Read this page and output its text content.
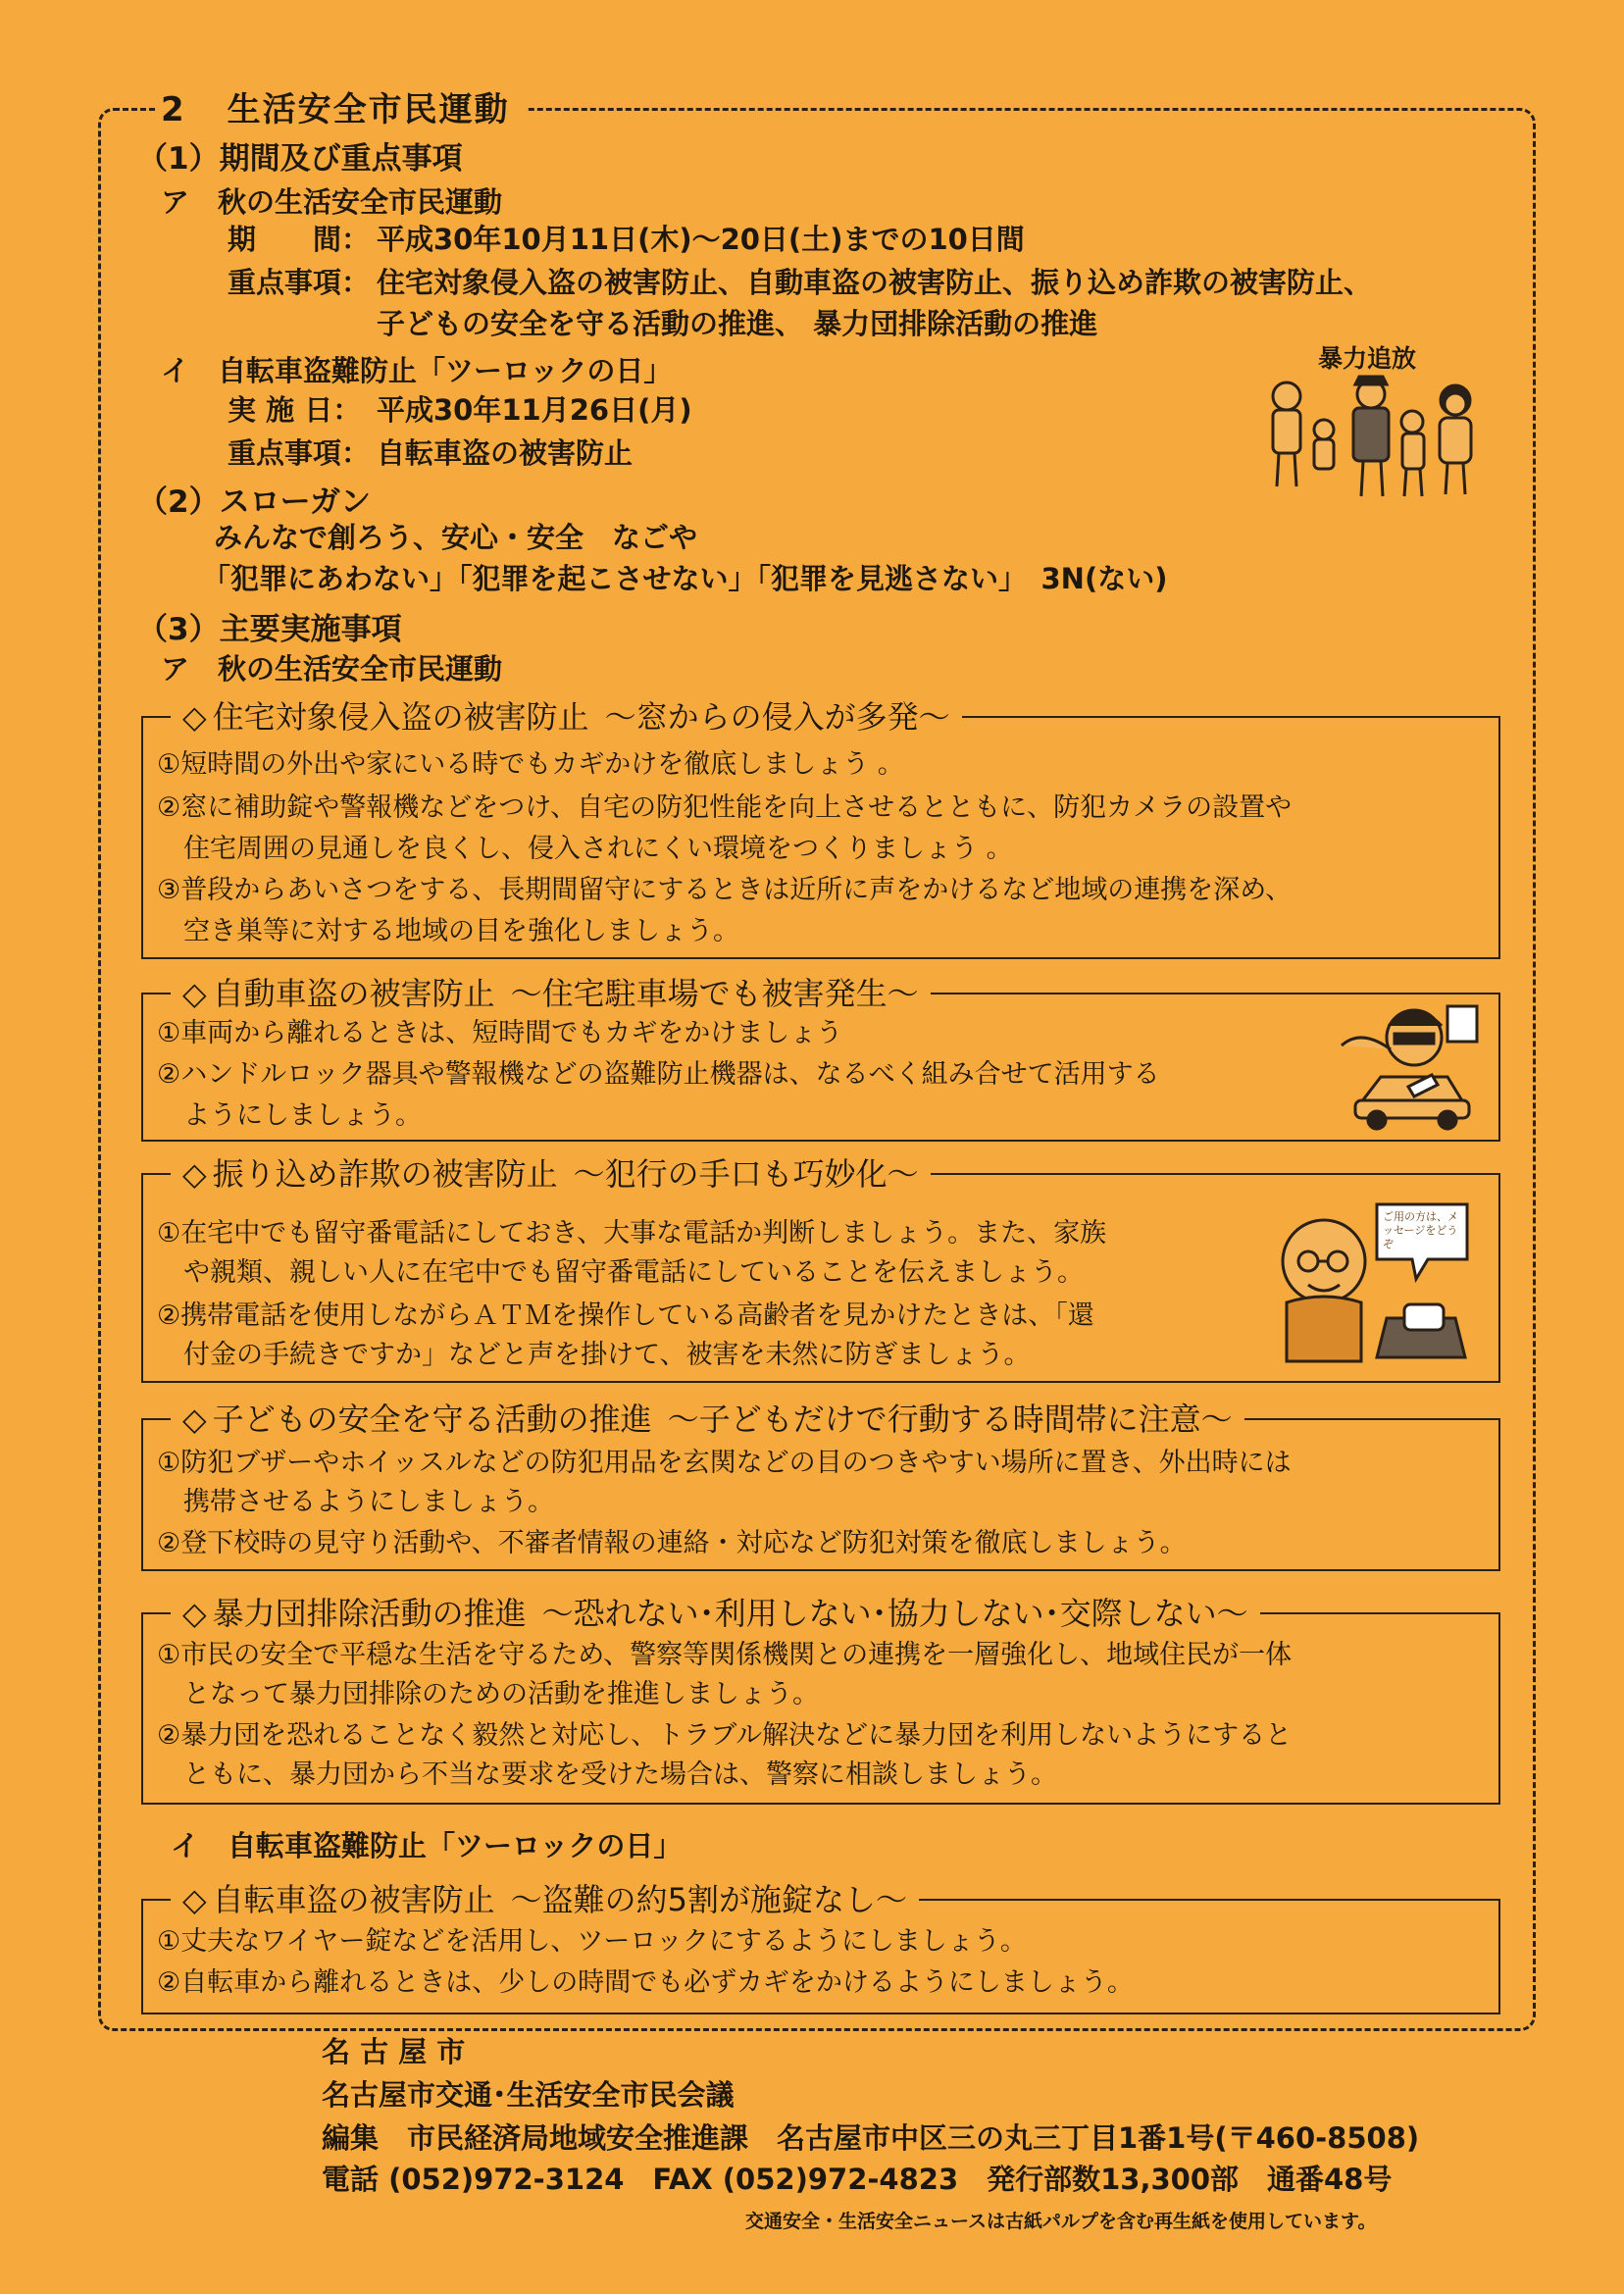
2 生活安全市民運動
（1）期間及び重点事項
ア　秋の生活安全市民運動
期　　間： 平成30年10月11日(木)〜20日(土)までの10日間
重点事項： 住宅対象侵入盗の被害防止、自動車盗の被害防止、振り込め詐欺の被害防止、
子どもの安全を守る活動の推進、 暴力団排除活動の推進
イ　自転車盗難防止「ツーロックの日」
実 施 日： 平成30年11月26日(月)
重点事項： 自転車盗の被害防止
暴力追放
（2）スローガン
みんなで創ろう、安心・安全　なごや
「犯罪にあわない」「犯罪を起こさせない」「犯罪を見逃さない」　3N(ない)
（3）主要実施事項
ア　秋の生活安全市民運動
◇ 住宅対象侵入盗の被害防止 〜窓からの侵入が多発〜
①短時間の外出や家にいる時でもカギかけを徹底しましょう 。
②窓に補助錠や警報機などをつけ、自宅の防犯性能を向上させるとともに、防犯カメラの設置や
　住宅周囲の見通しを良くし、侵入されにくい環境をつくりましょう 。
③普段からあいさつをする、長期間留守にするときは近所に声をかけるなど地域の連携を深め、
　空き巣等に対する地域の目を強化しましょう。
◇ 自動車盗の被害防止 〜住宅駐車場でも被害発生〜
①車両から離れるときは、短時間でもカギをかけましょう
②ハンドルロック器具や警報機などの盗難防止機器は、なるべく組み合せて活用する
　ようにしましょう。
◇ 振り込め詐欺の被害防止 〜犯行の手口も巧妙化〜
①在宅中でも留守番電話にしておき、大事な電話か判断しましょう。また、家族
　や親類、親しい人に在宅中でも留守番電話にしていることを伝えましょう。
②携帯電話を使用しながらＡＴＭを操作している高齢者を見かけたときは、「還
　付金の手続きですか」などと声を掛けて、被害を未然に防ぎましょう。
ご用の方は、メッセージをどうぞ
◇ 子どもの安全を守る活動の推進 〜子どもだけで行動する時間帯に注意〜
①防犯ブザーやホイッスルなどの防犯用品を玄関などの目のつきやすい場所に置き、外出時には
　携帯させるようにしましょう。
②登下校時の見守り活動や、不審者情報の連絡・対応など防犯対策を徹底しましょう。
◇ 暴力団排除活動の推進 〜恐れない･利用しない･協力しない･交際しない〜
①市民の安全で平穏な生活を守るため、警察等関係機関との連携を一層強化し、地域住民が一体
　となって暴力団排除のための活動を推進しましょう。
②暴力団を恐れることなく毅然と対応し、トラブル解決などに暴力団を利用しないようにすると
　ともに、暴力団から不当な要求を受けた場合は、警察に相談しましょう。
イ　自転車盗難防止「ツーロックの日」
◇ 自転車盗の被害防止 〜盗難の約5割が施錠なし〜
①丈夫なワイヤー錠などを活用し、ツーロックにするようにしましょう。
②自転車から離れるときは、少しの時間でも必ずカギをかけるようにしましょう。
名 古 屋 市
名古屋市交通･生活安全市民会議
編集　市民経済局地域安全推進課　名古屋市中区三の丸三丁目1番1号(〒460-8508)
電話 (052)972-3124　FAX (052)972-4823　発行部数13,300部　通番48号
交通安全・生活安全ニュースは古紙パルプを含む再生紙を使用しています。
